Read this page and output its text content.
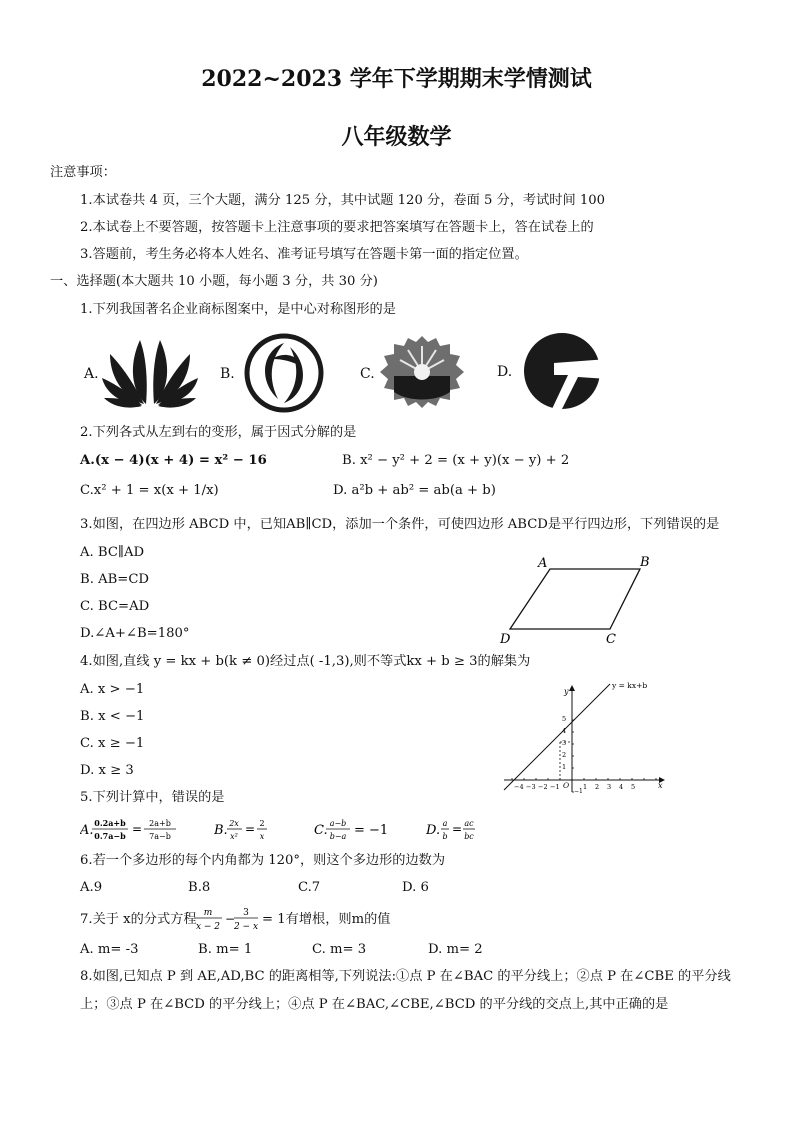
2022~2023 学年下学期期末学情测试
八年级数学
注意事项：
1.本试卷共 4 页，三个大题，满分 125 分，其中试题 120 分，卷面 5 分，考试时间 100
2.本试卷上不要答题，按答题卡上注意事项的要求把答案填写在答题卡上，答在试卷上的
3.答题前，考生务必将本人姓名、准考证号填写在答题卡第一面的指定位置。
一、选择题(本大题共 10 小题，每小题 3 分，共 30 分)
1.下列我国著名企业商标图案中，是中心对称图形的是
A.	B.	C.	D.
2.下列各式从左到右的变形，属于因式分解的是
A.(x − 4)(x + 4) = x² − 16	B. x² − y² + 2 = (x + y)(x − y) + 2
C.x² + 1 = x(x + 1/x)	D. a²b + ab² = ab(a + b)
3.如图，在四边形 ABCD 中，已知AB∥CD，添加一个条件，可使四边形 ABCD是平行四边形，下列错误的是
A. BC∥AD
B. AB=CD
C. BC=AD
D.∠A+∠B=180°
A	B
C
D
4.如图,直线 y = kx + b(k ≠ 0)经过点( -1,3),则不等式kx + b ≥ 3的解集为
A. x > −1
B. x < −1
C. x ≥ −1
D. x ≥ 3
y = kx+b
y
x
O
−1
−2
−3
−4	1 2 3 4 5
5
4
3
2
1
−1
5.下列计算中，错误的是
A. 0.2a+b
0.7a−b = 2a+b
7a−b	B. 2x
x²
= 2
x	C. a−b
b−a = −1	D. a
b
= ac
bc
6.若一个多边形的每个内角都为 120°，则这个多边形的边数为
A.9	B.8	C.7	D. 6
7.关于 x的分式方程 m
x − 2
− 3
2 − x = 1有增根，则m的值
A. m= -3	B. m= 1	C. m= 3	D. m= 2
8.如图,已知点 P 到 AE,AD,BC 的距离相等,下列说法:①点 P 在∠BAC 的平分线上；②点 P 在∠CBE 的平分线
上；③点 P 在∠BCD 的平分线上；④点 P 在∠BAC,∠CBE,∠BCD 的平分线的交点上,其中正确的是
